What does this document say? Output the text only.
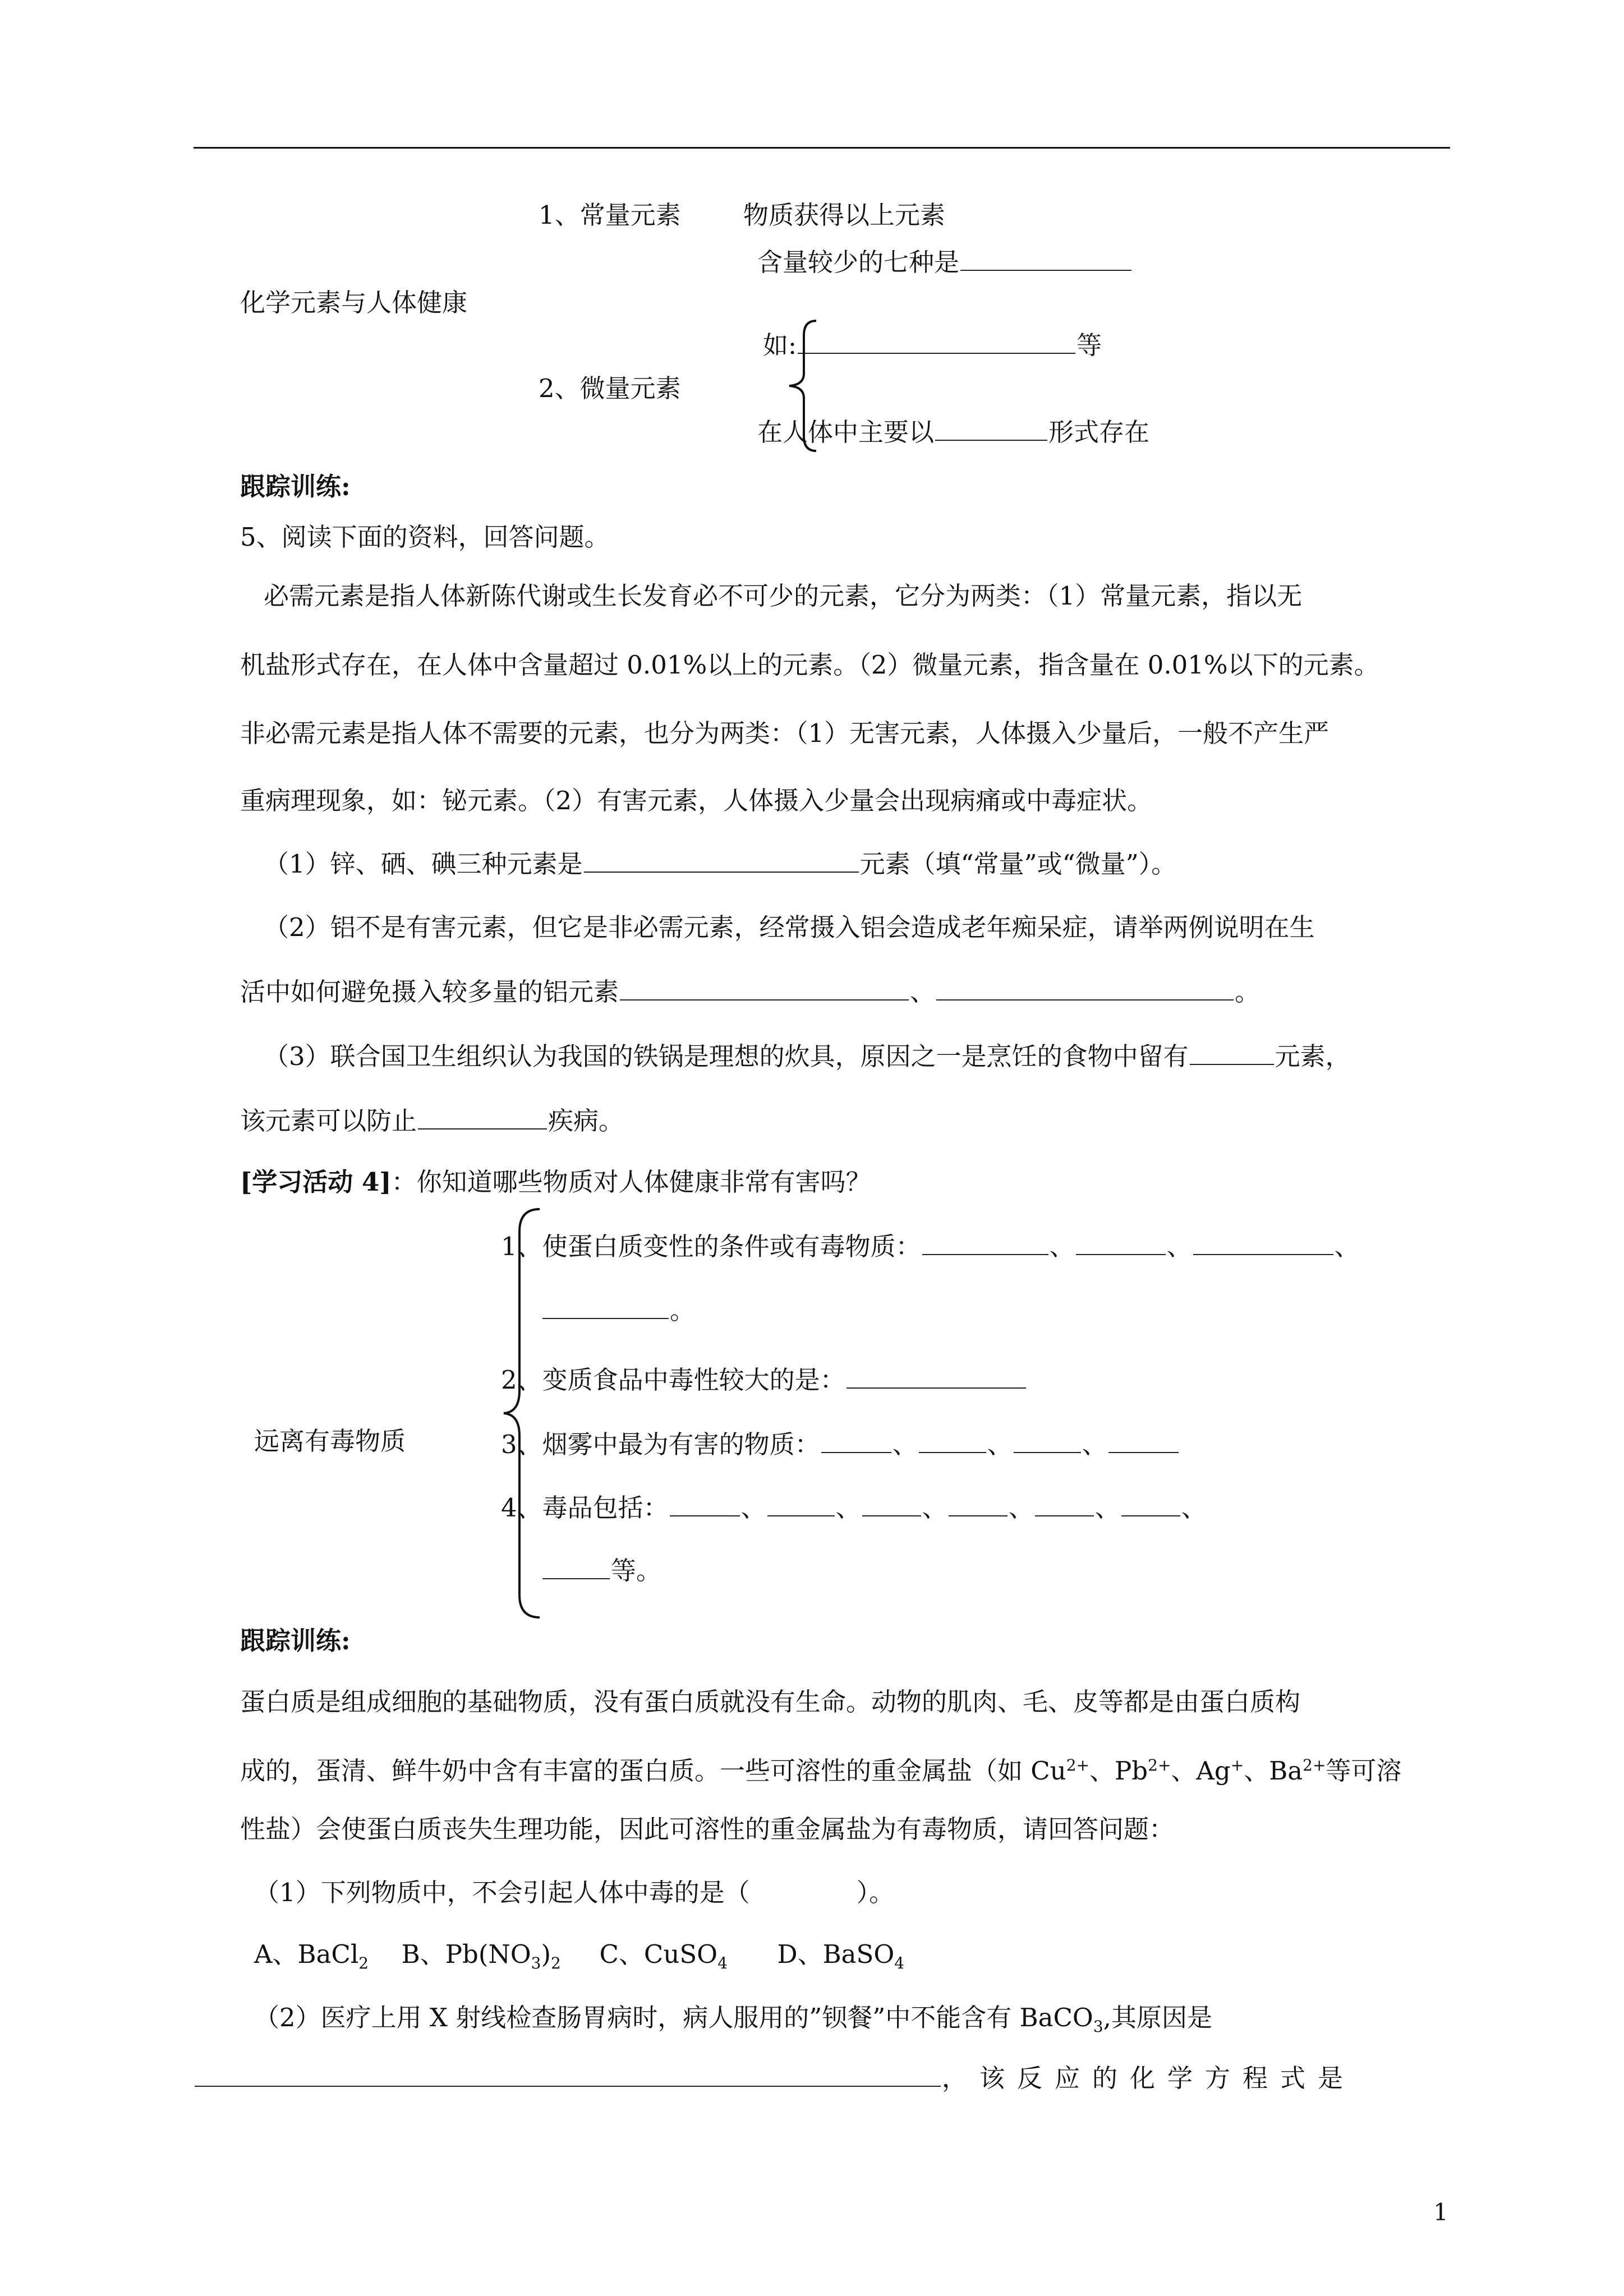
1、常量元素 物质获得以上元素
含量较少的七种是
化学元素与人体健康
如:	等
2、微量元素
在人体中主要以	形式存在
跟踪训练:
5、阅读下面的资料，回答问题。
必需元素是指人体新陈代谢或生长发育必不可少的元素，它分为两类：（1）常量元素，指以无
机盐形式存在，在人体中含量超过 0.01%以上的元素。（2）微量元素，指含量在 0.01%以下的元素。
非必需元素是指人体不需要的元素，也分为两类：（1）无害元素，人体摄入少量后，一般不产生严
重病理现象，如：铋元素。（2）有害元素，人体摄入少量会出现病痛或中毒症状。
（1）锌、硒、碘三种元素是	元素（填“常量”或“微量”）。
（2）铝不是有害元素，但它是非必需元素，经常摄入铝会造成老年痴呆症，请举两例说明在生
活中如何避免摄入较多量的铝元素	、	。
（3）联合国卫生组织认为我国的铁锅是理想的炊具，原因之一是烹饪的食物中留有	元素，
该元素可以防止	疾病。
[学习活动 4]：你知道哪些物质对人体健康非常有害吗？
1、使蛋白质变性的条件或有毒物质：	、	、	、
。
2、变质食品中毒性较大的是：
远离有毒物质	3、烟雾中最为有害的物质：	、	、	、
4、毒品包括：	、	、 、 、 、 、
等。
跟踪训练:
蛋白质是组成细胞的基础物质，没有蛋白质就没有生命。动物的肌肉、毛、皮等都是由蛋白质构
成的，蛋清、鲜牛奶中含有丰富的蛋白质。一些可溶性的重金属盐（如 $Cu^{2+}$、$Pb^{2+}$、Ag+、$Ba^{2+}$等可溶
性盐）会使蛋白质丧失生理功能，因此可溶性的重金属盐为有毒物质，请回答问题：
（1）下列物质中，不会引起人体中毒的是（	）。
A、BaCl$_2$ B、$Pb(NO_3)_2$ C、CuSO$_4$ D、BaSO$_4$
（2）医疗上用 X 射线检查肠胃病时，病人服用的”钡餐”中不能含有 BaCO$_3$,其原因是
，该反应的化学方程式是
1
